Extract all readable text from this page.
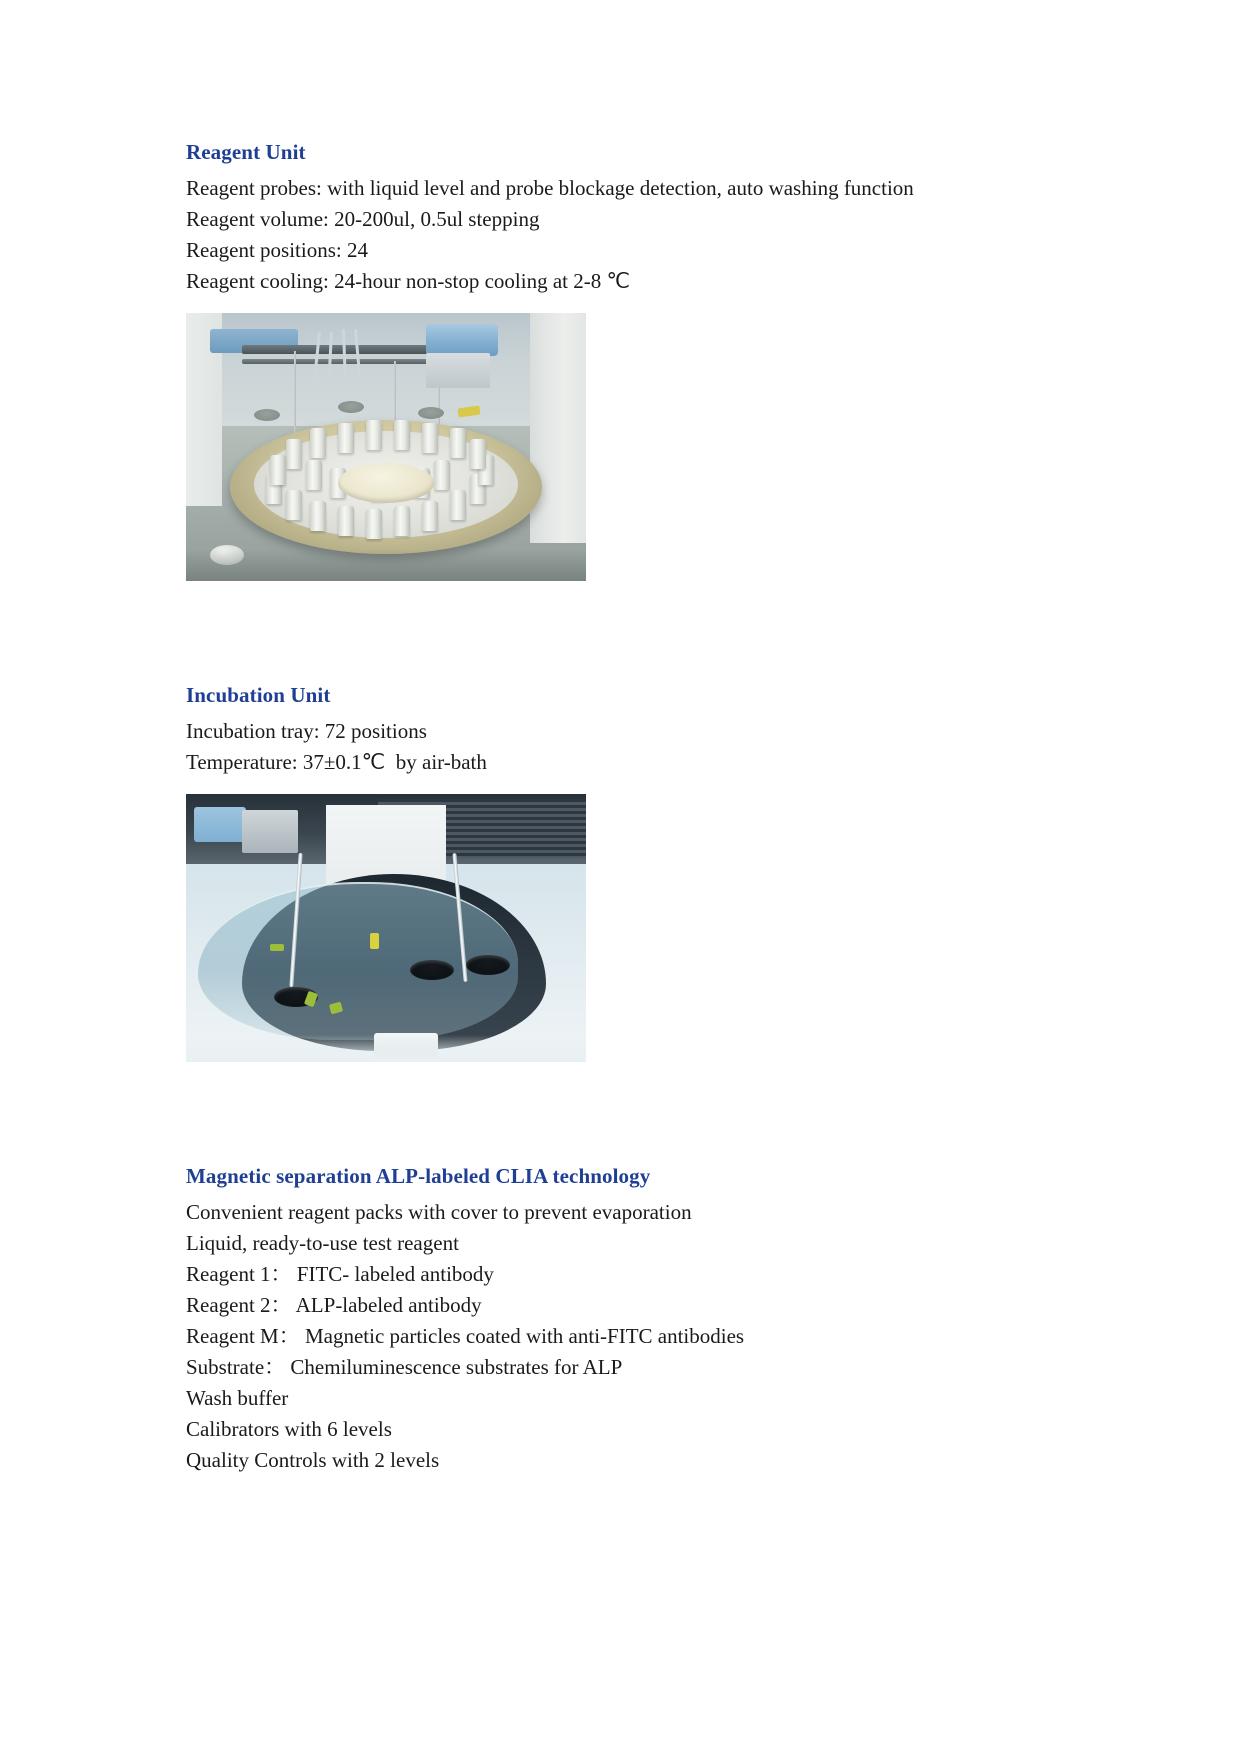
Reagent Unit

Reagent probes: with liquid level and probe blockage detection, auto washing function

Reagent volume: 20-200ul, 0.5ul stepping

Reagent positions: 24

Reagent cooling: 24-hour non-stop cooling at 2-8 ℃

Incubation Unit

Incubation tray: 72 positions

Temperature: 37±0.1℃  by air-bath

Magnetic separation ALP-labeled CLIA technology

Convenient reagent packs with cover to prevent evaporation

Liquid, ready-to-use test reagent

Reagent 1： FITC- labeled antibody

Reagent 2： ALP-labeled antibody

Reagent M： Magnetic particles coated with anti-FITC antibodies

Substrate： Chemiluminescence substrates for ALP

Wash buffer

Calibrators with 6 levels

Quality Controls with 2 levels
